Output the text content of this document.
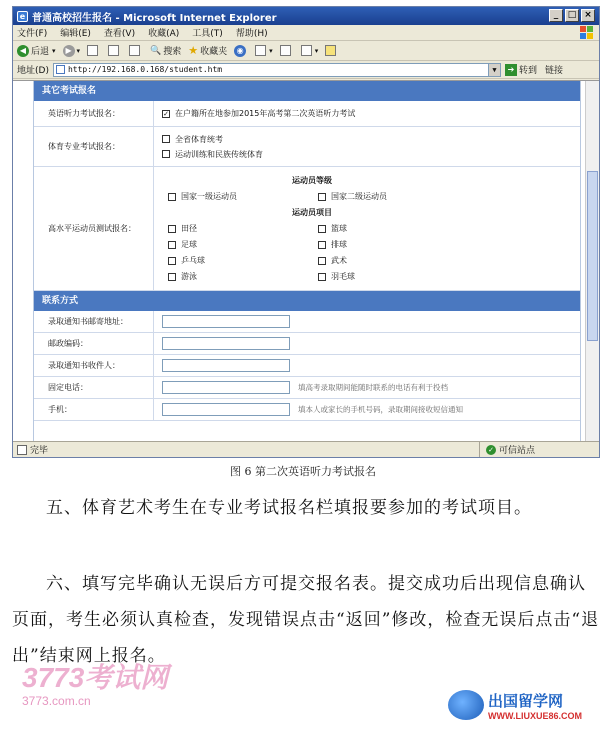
e 普通高校招生报名 - Microsoft Internet Explorer	_	□ ×
文件(F) 编辑(E) 查看(V) 收藏(A) 工具(T) 帮助(H)
◀ 后退 ▾	▶ ▾	🔍 搜索 ★ 收藏夹	◉	▾	▾
地址(D) http://192.168.0.168/student.htm	▼	➔ 转到 链接
其它考试报名
英语听力考试报名：	✓ 在户籍所在地参加2015年高考第二次英语听力考试
体育专业考试报名：
全省体育统考
运动训练和民族传统体育
高水平运动员测试报名：
运动员等级
国家一级运动员	国家二级运动员
运动员项目
田径	篮球
足球	排球
乒乓球	武术
游泳	羽毛球
联系方式
录取通知书邮寄地址：
邮政编码：
录取通知书收件人：
固定电话：	填高考录取期间能随时联系的电话有利于投档
手机：	填本人或家长的手机号码，录取期间接收短信通知
完毕	✓ 可信站点
图 6 第二次英语听力考试报名
五、体育艺术考生在专业考试报名栏填报要参加的考试项目。
六、填写完毕确认无误后方可提交报名表。提交成功后出现信息确认页面，考生必须认真检查，发现错误点击“返回”修改，检查无误后点击“退出”结束网上报名。
3773考试网
3773.com.cn	出国留学网
WWW.LIUXUE86.COM
